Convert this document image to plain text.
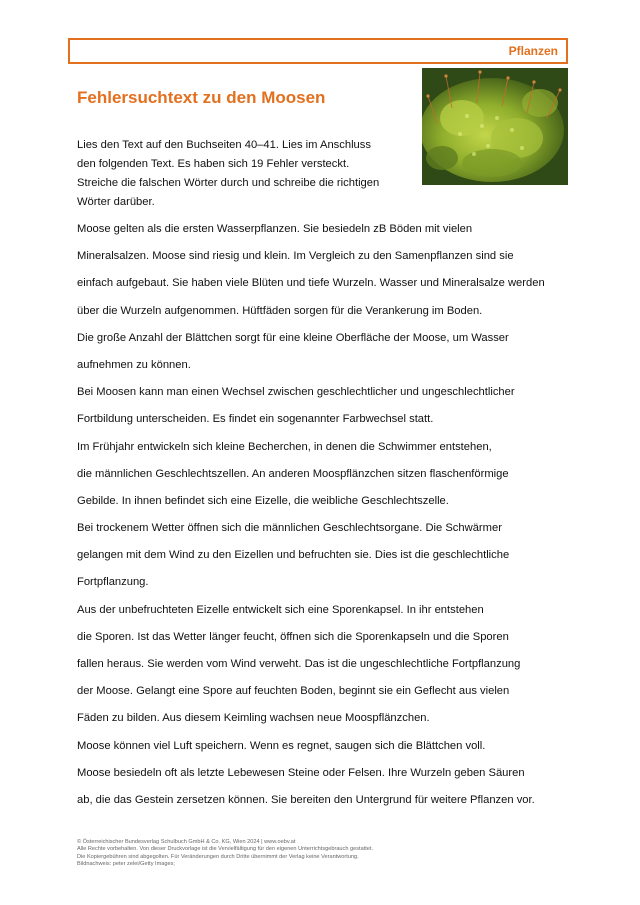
Pflanzen
Fehlersuchtext zu den Moosen
Lies den Text auf den Buchseiten 40–41. Lies im Anschluss
den folgenden Text. Es haben sich 19 Fehler versteckt.
Streiche die falschen Wörter durch und schreibe die richtigen
Wörter darüber.
Moose gelten als die ersten Wasserpflanzen. Sie besiedeln zB Böden mit vielen
Mineralsalzen. Moose sind riesig und klein. Im Vergleich zu den Samenpflanzen sind sie
einfach aufgebaut. Sie haben viele Blüten und tiefe Wurzeln. Wasser und Mineralsalze werden
über die Wurzeln aufgenommen. Hüftfäden sorgen für die Verankerung im Boden.
Die große Anzahl der Blättchen sorgt für eine kleine Oberfläche der Moose, um Wasser
aufnehmen zu können.
Bei Moosen kann man einen Wechsel zwischen geschlechtlicher und ungeschlechtlicher
Fortbildung unterscheiden. Es findet ein sogenannter Farbwechsel statt.
Im Frühjahr entwickeln sich kleine Becherchen, in denen die Schwimmer entstehen,
die männlichen Geschlechtszellen. An anderen Moospflänzchen sitzen flaschenförmige
Gebilde. In ihnen befindet sich eine Eizelle, die weibliche Geschlechtszelle.
Bei trockenem Wetter öffnen sich die männlichen Geschlechtsorgane. Die Schwärmer
gelangen mit dem Wind zu den Eizellen und befruchten sie. Dies ist die geschlechtliche
Fortpflanzung.
Aus der unbefruchteten Eizelle entwickelt sich eine Sporenkapsel. In ihr entstehen
die Sporen. Ist das Wetter länger feucht, öffnen sich die Sporenkapseln und die Sporen
fallen heraus. Sie werden vom Wind verweht. Das ist die ungeschlechtliche Fortpflanzung
der Moose. Gelangt eine Spore auf feuchten Boden, beginnt sie ein Geflecht aus vielen
Fäden zu bilden. Aus diesem Keimling wachsen neue Moospflänzchen.
Moose können viel Luft speichern. Wenn es regnet, saugen sich die Blättchen voll.
Moose besiedeln oft als letzte Lebewesen Steine oder Felsen. Ihre Wurzeln geben Säuren
ab, die das Gestein zersetzen können. Sie bereiten den Untergrund für weitere Pflanzen vor.
© Österreichischer Bundesverlag Schulbuch GmbH & Co. KG, Wien 2024 | www.oebv.at
Alle Rechte vorbehalten. Von dieser Druckvorlage ist die Vervielfältigung für den eigenen Unterrichtsgebrauch gestattet.
Die Kopiergebühren sind abgegolten. Für Veränderungen durch Dritte übernimmt der Verlag keine Verantwortung.
Bildnachweis: peter zelei/Getty Images;
